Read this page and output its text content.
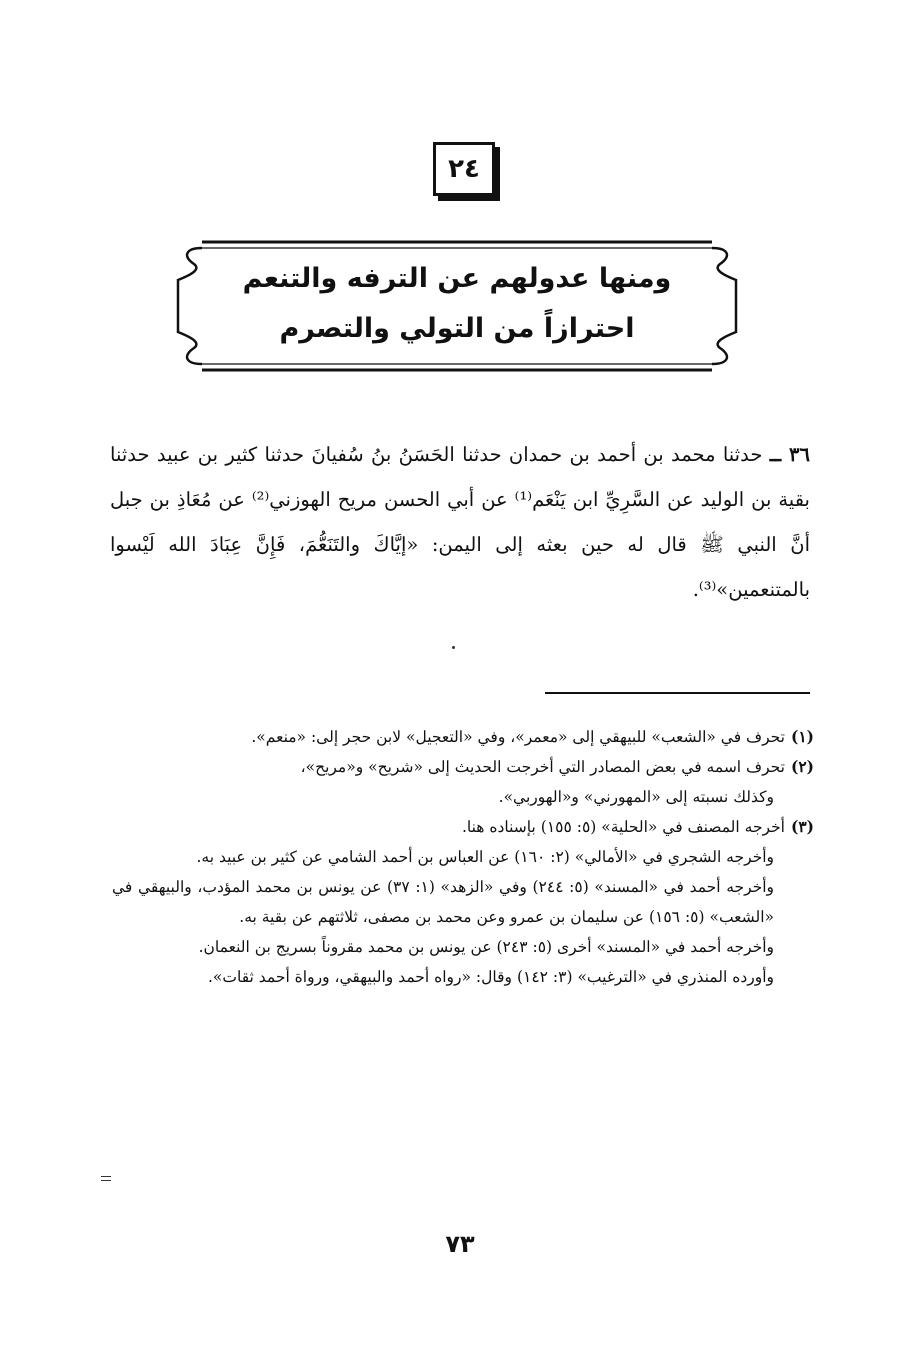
٢٤
ومنها عدولهم عن الترفه والتنعم
احترازاً من التولي والتصرم

٣٦ ــ حدثنا محمد بن أحمد بن حمدان حدثنا الحَسَنُ بنُ سُفيانَ حدثنا كثير بن عبيد حدثنا بقية بن الوليد عن السَّرِيِّ ابن يَنْعَم⁽¹⁾ عن أبي الحسن مريح الهوزني⁽²⁾ عن مُعَاذِ بن جبل أنَّ النبي ﷺ قال له حين بعثه إلى اليمن: «إيَّاكَ والتَنَعُّمَ، فَإِنَّ عِبَادَ الله لَيْسوا بالمتنعمين»⁽³⁾.

(١)تحرف في «الشعب» للبيهقي إلى «معمر»، وفي «التعجيل» لابن حجر إلى: «منعم».

(٢)تحرف اسمه في بعض المصادر التي أخرجت الحديث إلى «شريح» و«مريح»،

وكذلك نسبته إلى «المهورني» و«الهوربي».

(٣)أخرجه المصنف في «الحلية» (٥: ١٥٥) بإسناده هنا.

وأخرجه الشجري في «الأمالي» (٢: ١٦٠) عن العباس بن أحمد الشامي عن كثير بن عبيد به.

وأخرجه أحمد في «المسند» (٥: ٢٤٤) وفي «الزهد» (١: ٣٧) عن يونس بن محمد المؤدب، والبيهقي في «الشعب» (٥: ١٥٦) عن سليمان بن عمرو وعن محمد بن مصفى، ثلاثتهم عن بقية به.

وأخرجه أحمد في «المسند» أخرى (٥: ٢٤٣) عن يونس بن محمد مقروناً بسريج بن النعمان.

وأورده المنذري في «الترغيب» (٣: ١٤٢) وقال: «رواه أحمد والبيهقي، ورواة أحمد ثقات».

٧٣
